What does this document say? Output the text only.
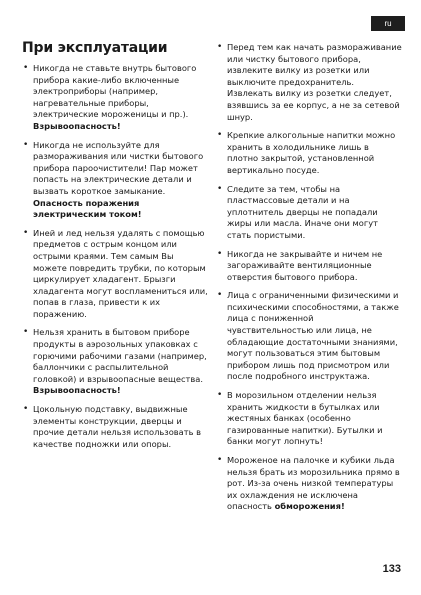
ru
При эксплуатации
• Никогда не ставьте внутрь бытового прибора какие-либо включенные электроприборы (например, нагревательные приборы, электрические мороженицы и пр.). Взрывоопасность!
• Никогда не используйте для размораживания или чистки бытового прибора пароочистители! Пар может попасть на электрические детали и вызвать короткое замыкание. Опасность поражения электрическим током!
• Иней и лед нельзя удалять с помощью предметов с острым концом или острыми краями. Тем самым Вы можете повредить трубки, по которым циркулирует хладагент. Брызги хладагента могут воспламениться или, попав в глаза, привести к их поражению.
• Нельзя хранить в бытовом приборе продукты в аэрозольных упаковках с горючими рабочими газами (например, баллончики с распылительной головкой) и взрывоопасные вещества. Взрывоопасность!
• Цокольную подставку, выдвижные элементы конструкции, дверцы и прочие детали нельзя использовать в качестве подножки или опоры.
• Перед тем как начать размораживание или чистку бытового прибора, извлеките вилку из розетки или выключите предохранитель. Извлекать вилку из розетки следует, взявшись за ее корпус, а не за сетевой шнур.
• Крепкие алкогольные напитки можно хранить в холодильнике лишь в плотно закрытой, установленной вертикально посуде.
• Следите за тем, чтобы на пластмассовые детали и на уплотнитель дверцы не попадали жиры или масла. Иначе они могут стать пористыми.
• Никогда не закрывайте и ничем не загораживайте вентиляционные отверстия бытового прибора.
• Лица с ограниченными физическими и психическими способностями, а также лица с пониженной чувствительностью или лица, не обладающие достаточными знаниями, могут пользоваться этим бытовым прибором лишь под присмотром или после подробного инструктажа.
• В морозильном отделении нельзя хранить жидкости в бутылках или жестяных банках (особенно газированные напитки). Бутылки и банки могут лопнуть!
• Мороженое на палочке и кубики льда нельзя брать из морозильника прямо в рот. Из-за очень низкой температуры их охлаждения не исключена опасность обморожения!
133
